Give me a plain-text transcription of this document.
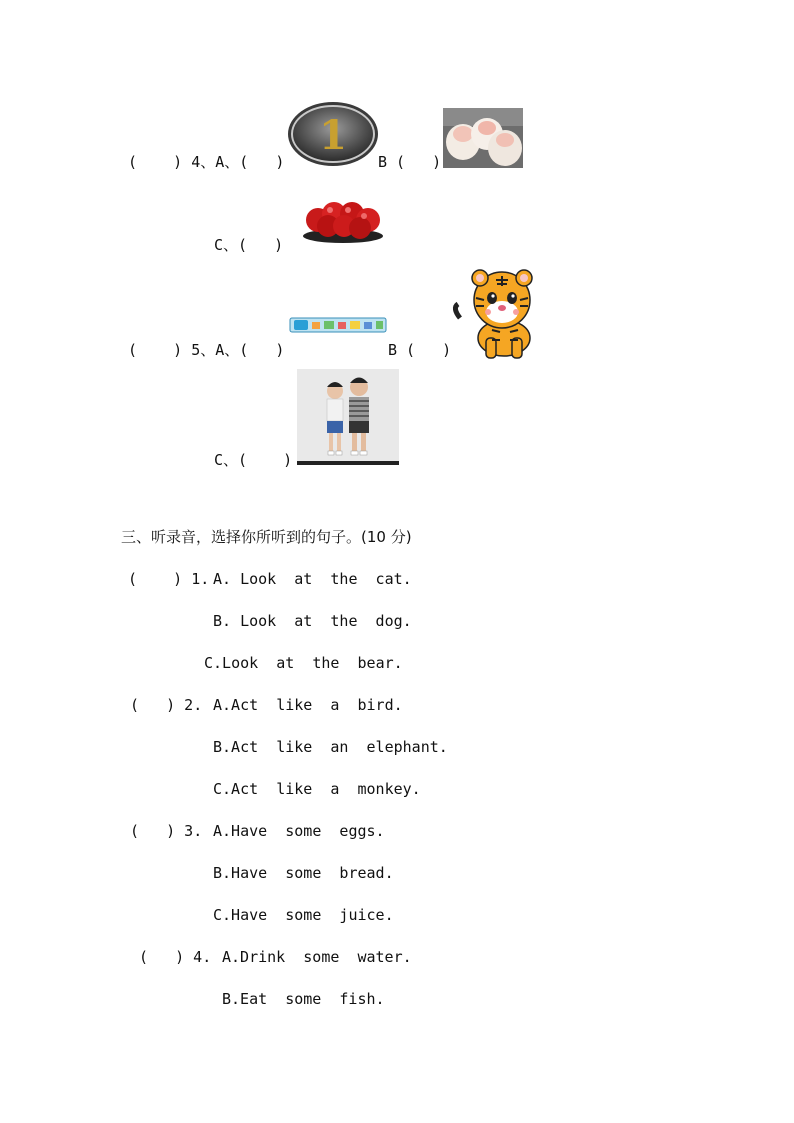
(    ) 4、A、(   )
1
B (   )
C、(   )
(    ) 5、A、(   )	B (   )
C、(    )
三、听录音，选择你所听到的句子。(10 分)
(    ) 1. A. Look  at  the  cat.
B. Look  at  the  dog.
C.Look  at  the  bear.
(   ) 2. A.Act  like  a  bird.
B.Act  like  an  elephant.
C.Act  like  a  monkey.
(   ) 3. A.Have  some  eggs.
B.Have  some  bread.
C.Have  some  juice.
(   ) 4. A.Drink  some  water.
B.Eat  some  fish.
